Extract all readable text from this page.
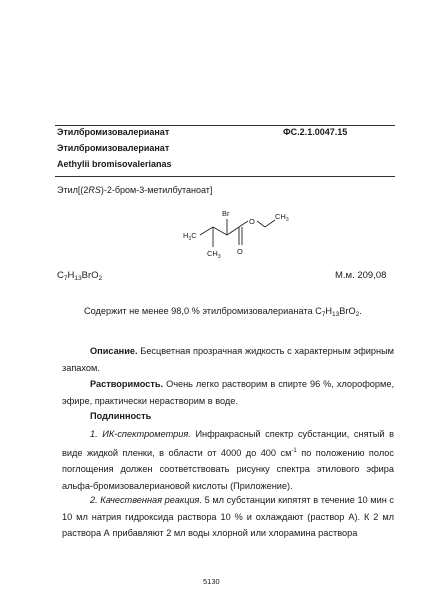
Этилбромизовалерианат	ФС.2.1.0047.15
Этилбромизовалерианат
Aethylii bromisovalerianas
Этил[(2RS)-2-бром-3-метилбутаноат]
Br
$H_3C$
$CH_3$
O
O
$CH_3$
$C_7H_{13}BrO_2$	М.м. 209,08
Содержит не менее 98,0 % этилбромизовалерианата $C_7H_{13}BrO_2$.
Описание. Бесцветная прозрачная жидкость с характерным эфирным запахом.
Растворимость. Очень легко растворим в спирте 96 %, хлороформе, эфире, практически нерастворим в воде.
Подлинность
1. ИК-спектрометрия. Инфракрасный спектр субстанции, снятый в виде жидкой пленки, в области от 4000 до 400 $см^{-1}$ по положению полос поглощения должен соответствовать рисунку спектра этилового эфира альфа-бромизовалериановой кислоты (Приложение).
2. Качественная реакция. 5 мл субстанции кипятят в течение 10 мин с 10 мл натрия гидроксида раствора 10 % и охлаждают (раствор А). К 2 мл раствора А прибавляют 2 мл воды хлорной или хлорамина раствора
5130
